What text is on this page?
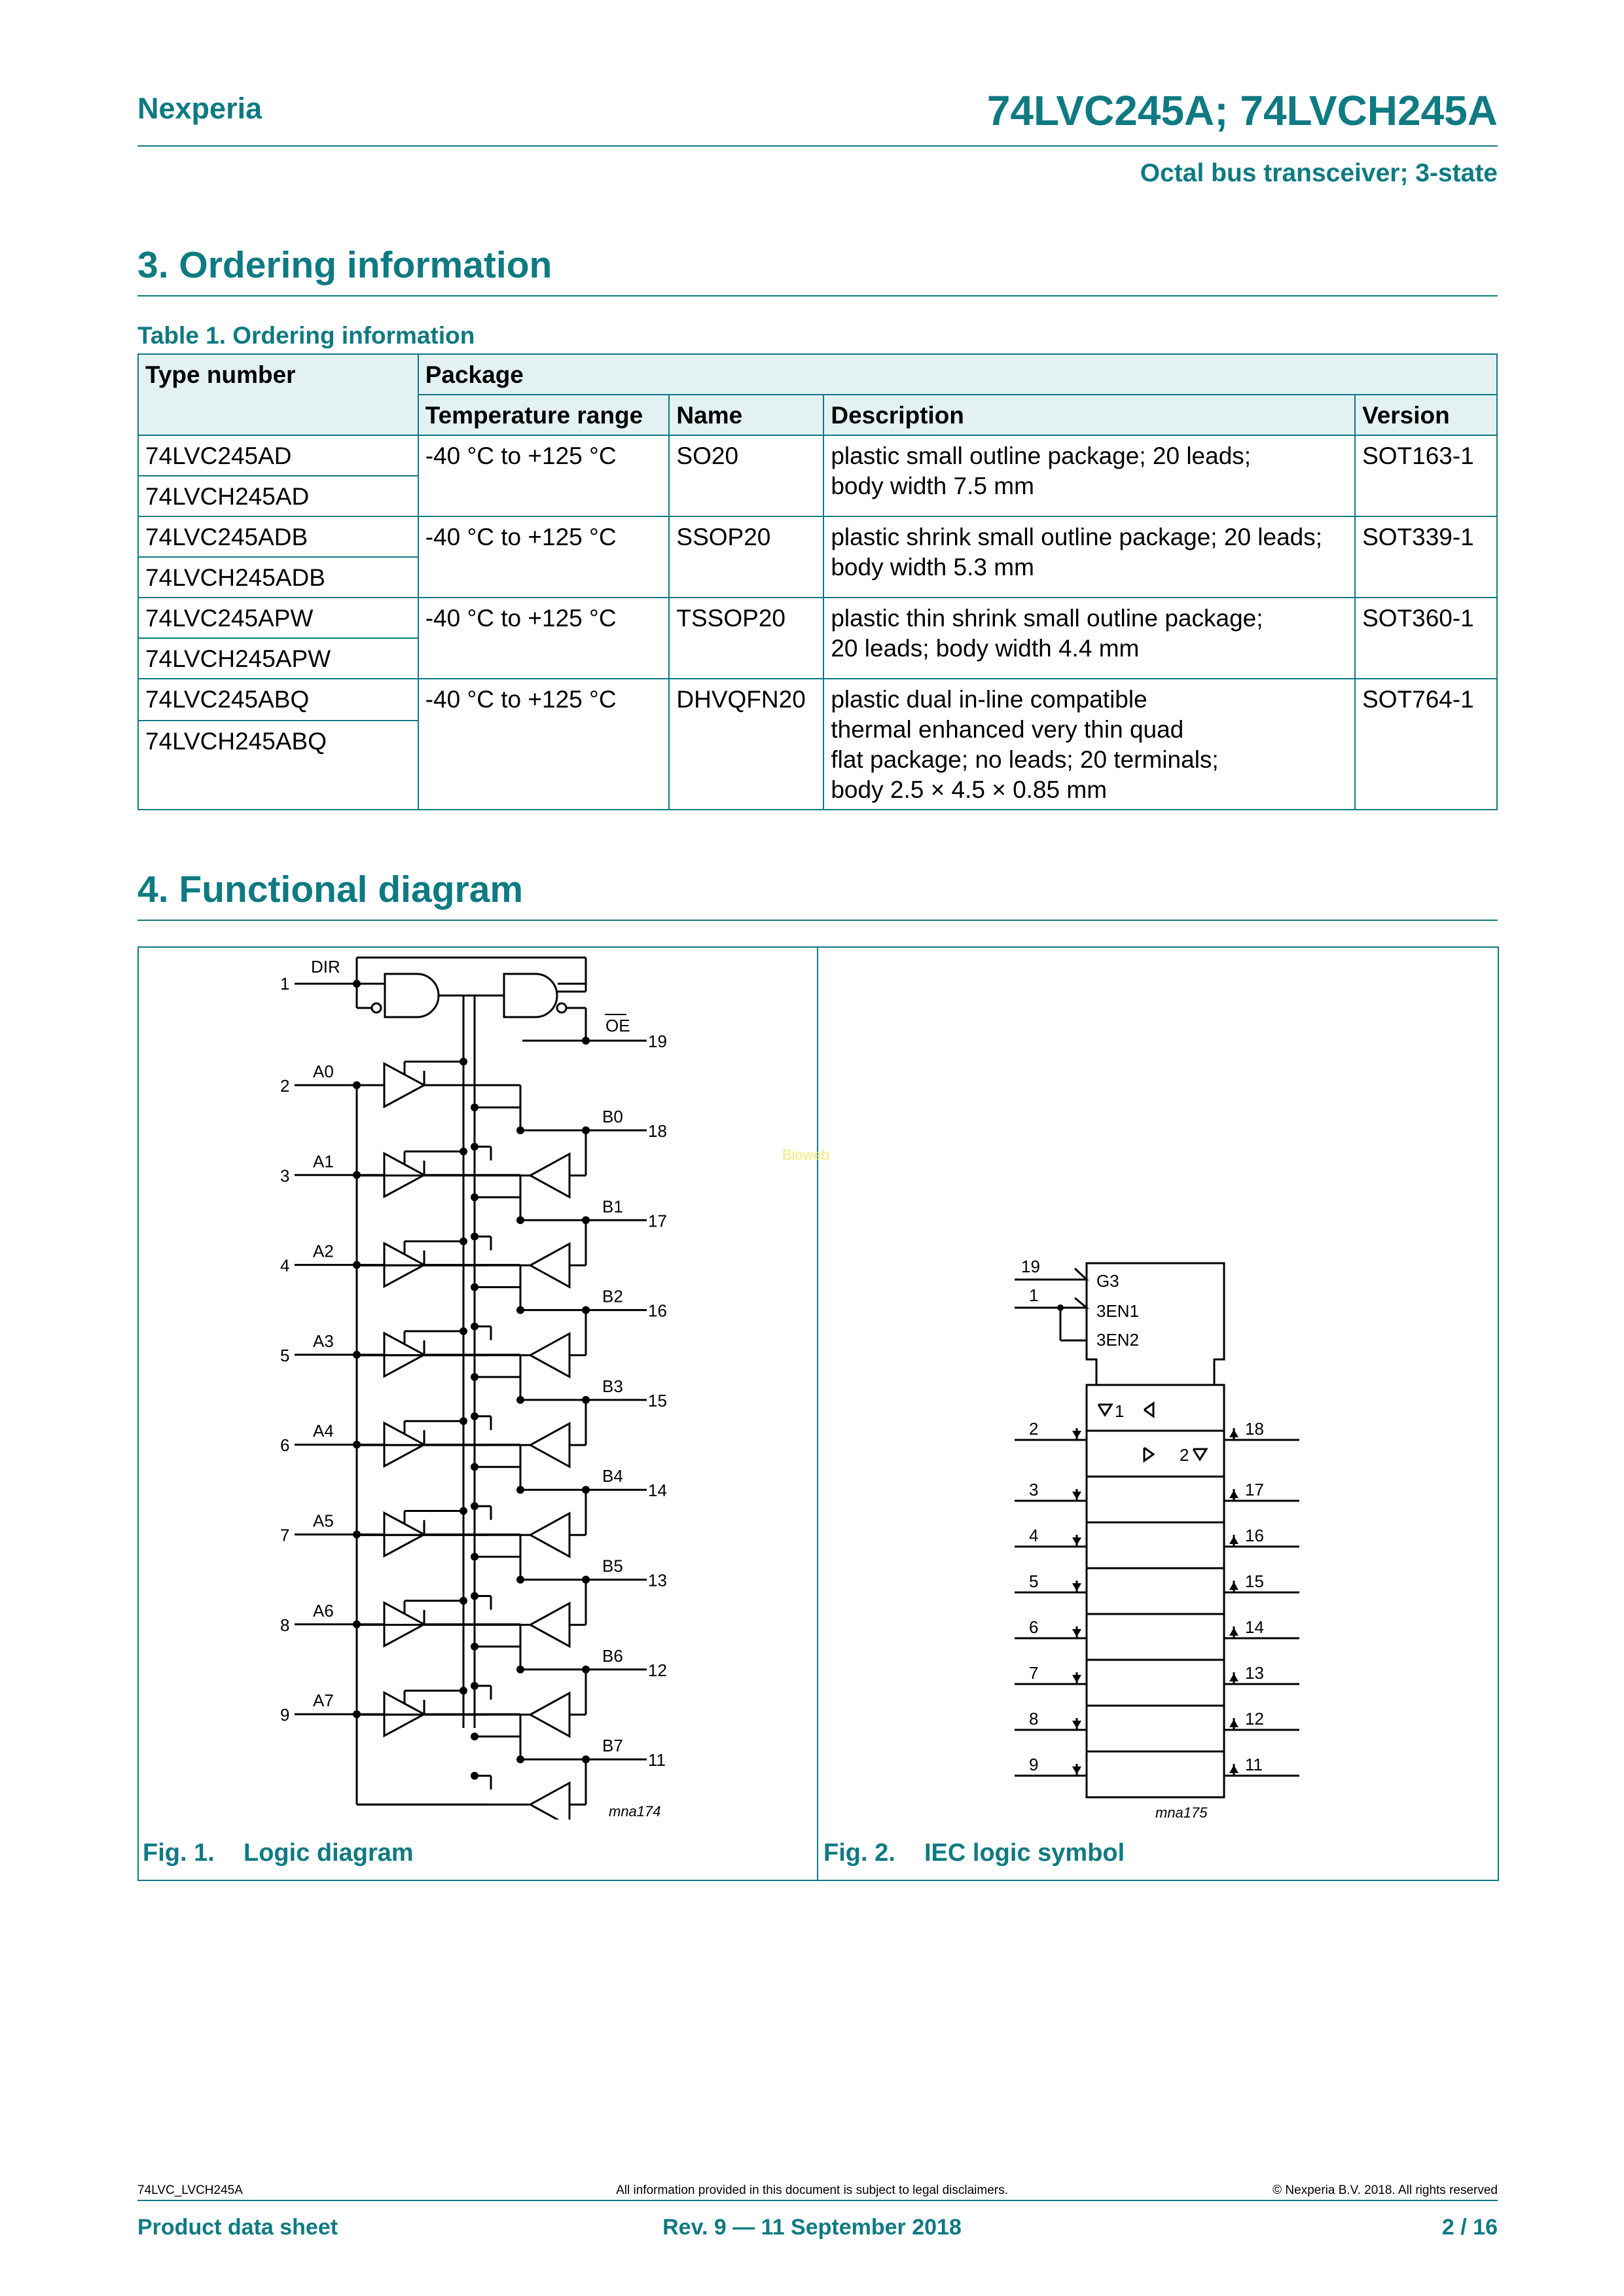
Nexperia	74LVC245A; 74LVCH245A
Octal bus transceiver; 3-state
3. Ordering information
Table 1. Ordering information
Type number	Package			
	Temperature range	Name	Description	Version
74LVC245AD	-40 °C to +125 °C	SO20	plastic small outline package; 20 leads;
body width 7.5 mm	SOT163-1
74LVCH245AD				
74LVC245ADB	-40 °C to +125 °C	SSOP20	plastic shrink small outline package; 20 leads;
body width 5.3 mm	SOT339-1
74LVCH245ADB				
74LVC245APW	-40 °C to +125 °C	TSSOP20	plastic thin shrink small outline package;
20 leads; body width 4.4 mm	SOT360-1
74LVCH245APW				
74LVC245ABQ	-40 °C to +125 °C	DHVQFN20	plastic dual in-line compatible
thermal enhanced very thin quad
flat package; no leads; 20 terminals;
body 2.5 × 4.5 × 0.85 mm	SOT764-1
74LVCH245ABQ				
4. Functional diagram
Bioweb
A0
2
B0
18
A1
3
B1
17
A2
4
B2
16
A3
5
B3
15
A4
6
B4
14
A5
7
B5
13
A6
8
B6
12
A7
9
B7
11
DIR
1
OE
19
mna174
Fig. 1. Logic diagram
2	18
3	17
4	16
5	15
6	14
7	13
8	12
9	11
G3
3EN1
3EN2
19
1
1
2
mna175
Fig. 2. IEC logic symbol
74LVC_LVCH245A	All information provided in this document is subject to legal disclaimers.	© Nexperia B.V. 2018. All rights reserved
Product data sheet	Rev. 9 — 11 September 2018	2 / 16
